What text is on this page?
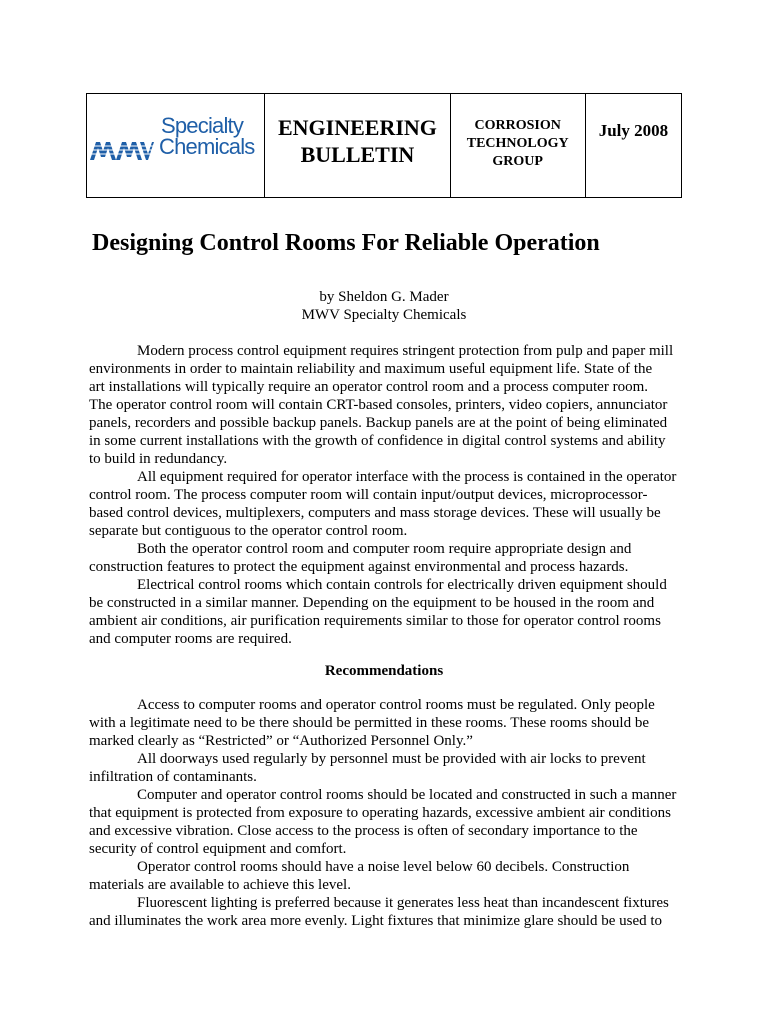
MWV
Specialty
Chemicals

ENGINEERING
BULLETIN

CORROSION
TECHNOLOGY
GROUP

July 2008
Designing Control Rooms For Reliable Operation
by Sheldon G. Mader
MWV Specialty Chemicals
Modern process control equipment requires stringent protection from pulp and paper mill
environments in order to maintain reliability and maximum useful equipment life. State of the
art installations will typically require an operator control room and a process computer room.
The operator control room will contain CRT-based consoles, printers, video copiers, annunciator
panels, recorders and possible backup panels. Backup panels are at the point of being eliminated
in some current installations with the growth of confidence in digital control systems and ability
to build in redundancy.
All equipment required for operator interface with the process is contained in the operator
control room. The process computer room will contain input/output devices, microprocessor-
based control devices, multiplexers, computers and mass storage devices. These will usually be
separate but contiguous to the operator control room.
Both the operator control room and computer room require appropriate design and
construction features to protect the equipment against environmental and process hazards.
Electrical control rooms which contain controls for electrically driven equipment should
be constructed in a similar manner. Depending on the equipment to be housed in the room and
ambient air conditions, air purification requirements similar to those for operator control rooms
and computer rooms are required.
Recommendations
Access to computer rooms and operator control rooms must be regulated. Only people
with a legitimate need to be there should be permitted in these rooms. These rooms should be
marked clearly as “Restricted” or “Authorized Personnel Only.”
All doorways used regularly by personnel must be provided with air locks to prevent
infiltration of contaminants.
Computer and operator control rooms should be located and constructed in such a manner
that equipment is protected from exposure to operating hazards, excessive ambient air conditions
and excessive vibration. Close access to the process is often of secondary importance to the
security of control equipment and comfort.
Operator control rooms should have a noise level below 60 decibels. Construction
materials are available to achieve this level.
Fluorescent lighting is preferred because it generates less heat than incandescent fixtures
and illuminates the work area more evenly. Light fixtures that minimize glare should be used to
